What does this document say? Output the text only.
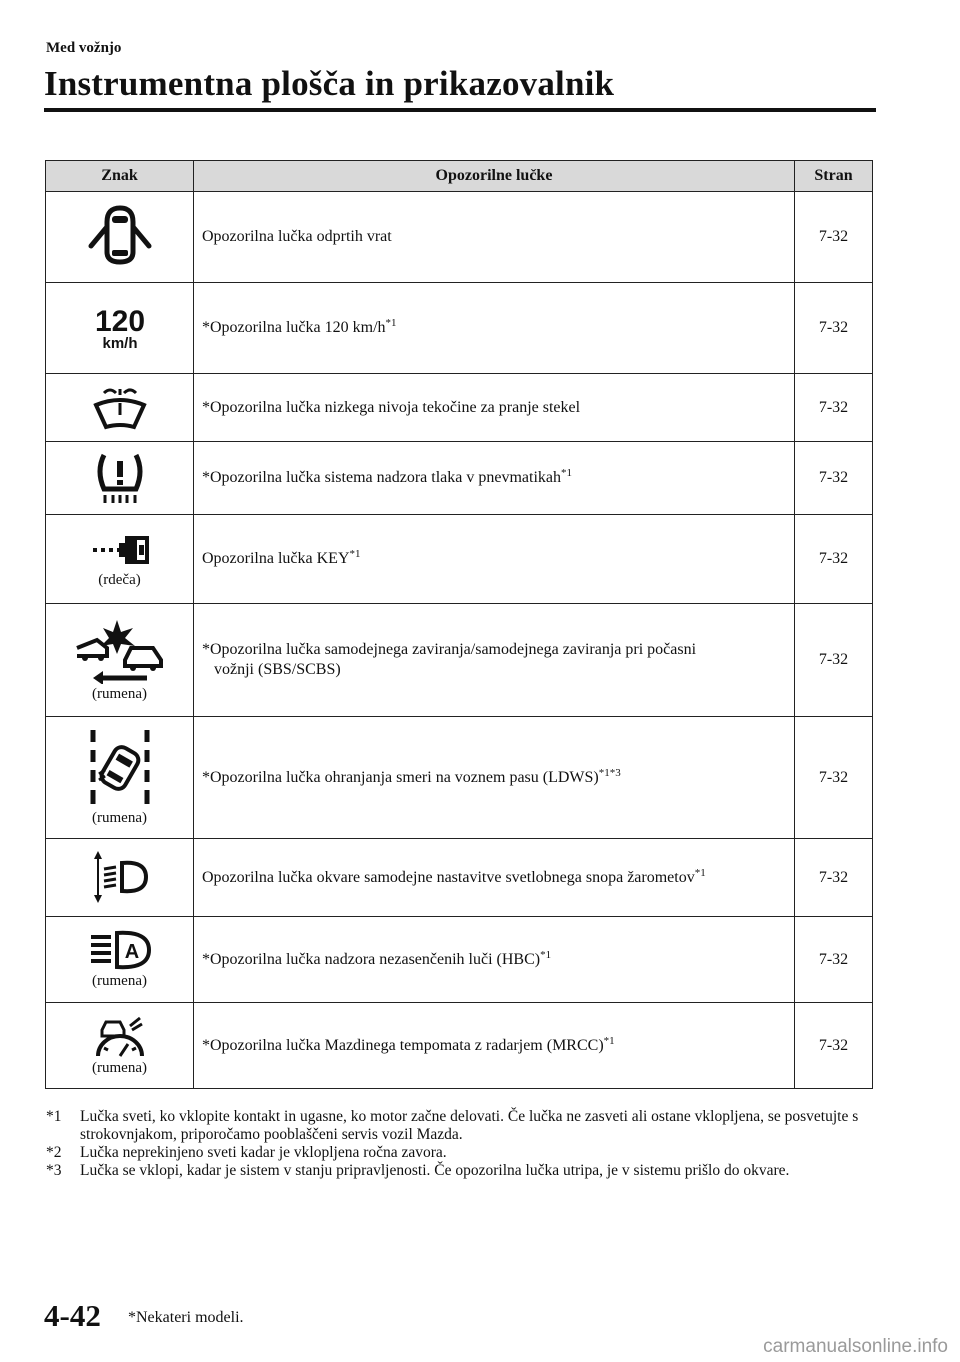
Med vožnjo
Instrumentna plošča in prikazovalnik
Znak	Opozorilne lučke	Stran

	Opozorilna lučka odprtih vrat	7-32

120
km/h	*Opozorilna lučka 120 $km/h^{*1}$	7-32

	*Opozorilna lučka nizkega nivoja tekočine za pranje stekel	7-32

	*Opozorilna lučka sistema nadzora tlaka v pnevmatikah$^{*1}$	7-32

(rdeča)	Opozorilna lučka KEY$^{*1}$	7-32

(rumena)	*Opozorilna lučka samodejnega zaviranja/samodejnega zaviranja pri počasni
vožnji (SBS/SCBS)	7-32

(rumena)	*Opozorilna lučka ohranjanja smeri na voznem pasu (LDWS)$^{*1*3}$	7-32

	Opozorilna lučka okvare samodejne nastavitve svetlobnega snopa žarometov$^{*1}$	7-32

A
(rumena)	*Opozorilna lučka nadzora nezasenčenih luči (HBC)$^{*1}$	7-32

(rumena)	*Opozorilna lučka Mazdinega tempomata z radarjem (MRCC)$^{*1}$	7-32
*1	Lučka sveti, ko vklopite kontakt in ugasne, ko motor začne delovati. Če lučka ne zasveti ali ostane vklopljena, se posvetujte s strokovnjakom, priporočamo pooblaščeni servis vozil Mazda.
*2	Lučka neprekinjeno sveti kadar je vklopljena ročna zavora.
*3	Lučka se vklopi, kadar je sistem v stanju pripravljenosti. Če opozorilna lučka utripa, je v sistemu prišlo do okvare.
4-42 *Nekateri modeli.
carmanualsonline.info
